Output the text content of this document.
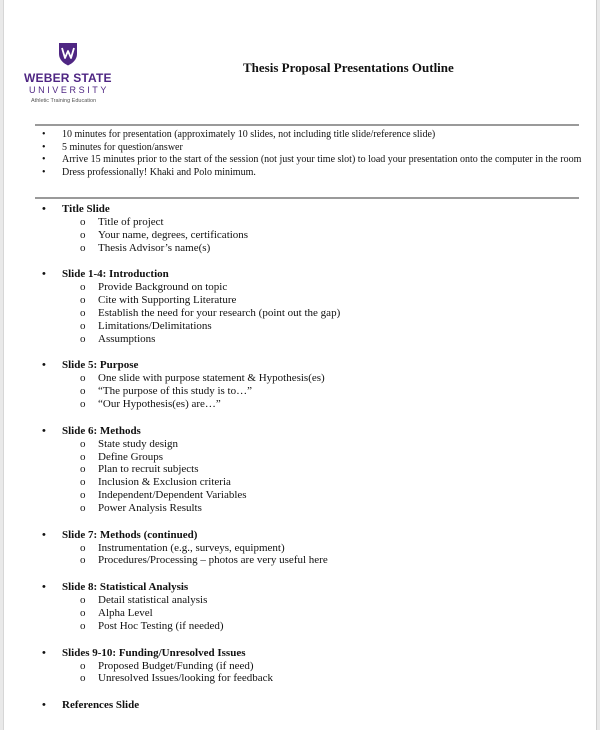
WEBER STATE
UNIVERSITY
Athletic Training Education
Thesis Proposal Presentations Outline
• 10 minutes for presentation (approximately 10 slides, not including title slide/reference slide)
• 5 minutes for question/answer
• Arrive 15 minutes prior to the start of the session (not just your time slot) to load your presentation onto the computer in the room
• Dress professionally! Khaki and Polo minimum.
• Title Slide
o Title of project
o Your name, degrees, certifications
o Thesis Advisor’s name(s)
• Slide 1-4: Introduction
o Provide Background on topic
o Cite with Supporting Literature
o Establish the need for your research (point out the gap)
o Limitations/Delimitations
o Assumptions
• Slide 5: Purpose
o One slide with purpose statement & Hypothesis(es)
o “The purpose of this study is to…”
o “Our Hypothesis(es) are…”
• Slide 6: Methods
o State study design
o Define Groups
o Plan to recruit subjects
o Inclusion & Exclusion criteria
o Independent/Dependent Variables
o Power Analysis Results
• Slide 7: Methods (continued)
o Instrumentation (e.g., surveys, equipment)
o Procedures/Processing – photos are very useful here
• Slide 8: Statistical Analysis
o Detail statistical analysis
o Alpha Level
o Post Hoc Testing (if needed)
• Slides 9-10: Funding/Unresolved Issues
o Proposed Budget/Funding (if need)
o Unresolved Issues/looking for feedback
• References Slide
